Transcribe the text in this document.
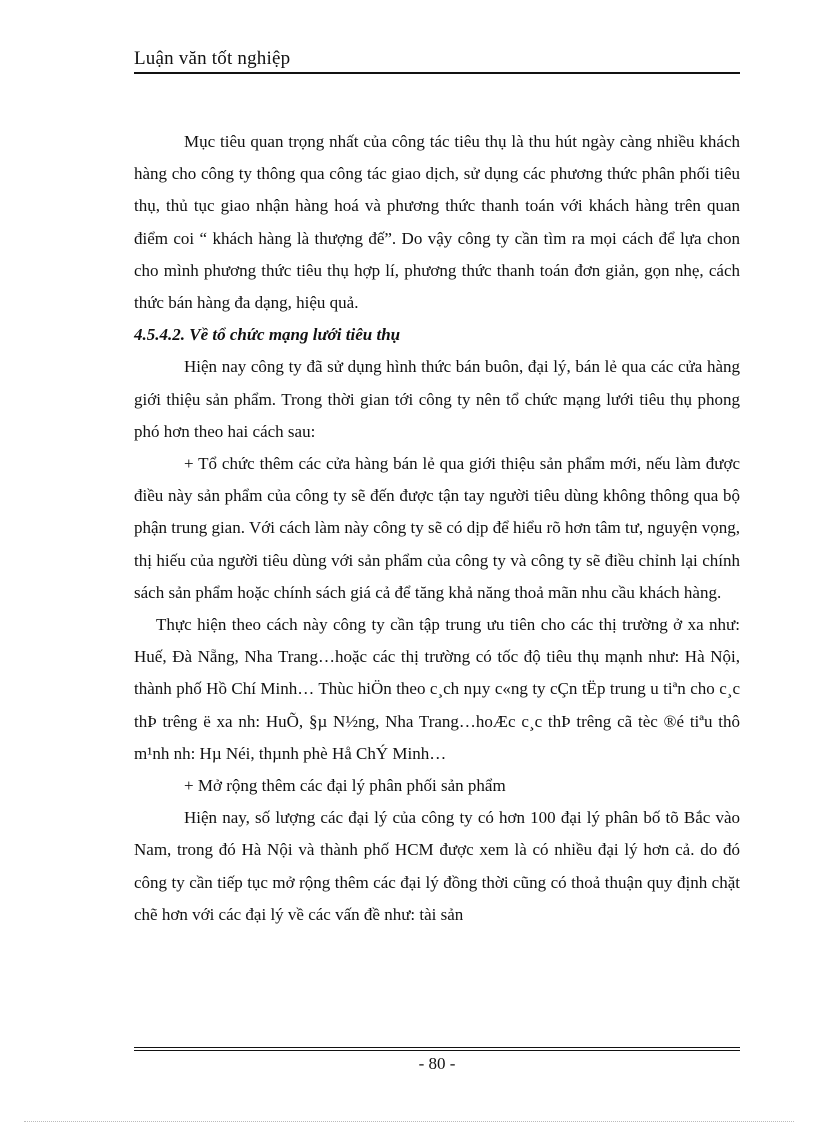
Luận văn tốt nghiệp

Mục tiêu quan trọng nhất của công tác tiêu thụ là thu hút ngày càng nhiều khách hàng cho công ty thông qua công tác giao dịch, sử dụng các phương thức phân phối tiêu thụ, thủ tục giao nhận hàng hoá và phương thức thanh toán với khách hàng trên quan điểm coi “ khách hàng là thượng đế”. Do vậy công ty cần tìm ra mọi cách để lựa chon cho mình phương thức tiêu thụ hợp lí, phương thức thanh toán đơn giản, gọn nhẹ, cách thức bán hàng đa dạng, hiệu quả.

4.5.4.2. Về tổ chức mạng lưới tiêu thụ

Hiện nay công ty đã sử dụng hình thức bán buôn, đại lý, bán lẻ qua các cửa hàng giới thiệu sản phẩm. Trong thời gian tới công ty nên tổ chức mạng lưới tiêu thụ phong phó hơn theo hai cách sau:

+ Tổ chức thêm các cửa hàng bán lẻ qua giới thiệu sản phẩm mới, nếu làm được điều này sản phẩm của công ty sẽ đến được tận tay người tiêu dùng không thông qua bộ phận trung gian. Với cách làm này công ty sẽ có dịp để hiểu rõ hơn tâm tư, nguyện vọng, thị hiếu của người tiêu dùng với sản phẩm của công ty và công ty sẽ điều chỉnh lại chính sách sản phẩm hoặc chính sách giá cả để tăng khả năng thoả mãn nhu cầu khách hàng.

Thực hiện theo cách này công ty cần tập trung ưu tiên cho các thị trường ở xa như: Huế, Đà Nẵng, Nha Trang…hoặc các thị trường có tốc độ tiêu thụ mạnh như: Hà Nội, thành phố Hồ Chí Minh… Thùc hiÖn theo c¸ch nµy c«ng ty cÇn tËp trung u tiªn cho c¸c thÞ trêng ë xa nh: HuÕ, §µ N½ng, Nha Trang…hoÆc c¸c thÞ trêng cã tèc ®é tiªu thô m¹nh nh: Hµ Néi, thµnh phè Hå ChÝ Minh…

+ Mở rộng thêm các đại lý phân phối sản phẩm

Hiện nay, số lượng các đại lý của công ty có hơn 100 đại lý phân bố tõ Bắc vào Nam, trong đó Hà Nội và thành phố HCM được xem là có nhiều đại lý hơn cả. do đó công ty cần tiếp tục mở rộng thêm các đại lý đồng thời cũng có thoả thuận quy định chặt chẽ hơn với các đại lý về các vấn đề như: tài sản

- 80 -
